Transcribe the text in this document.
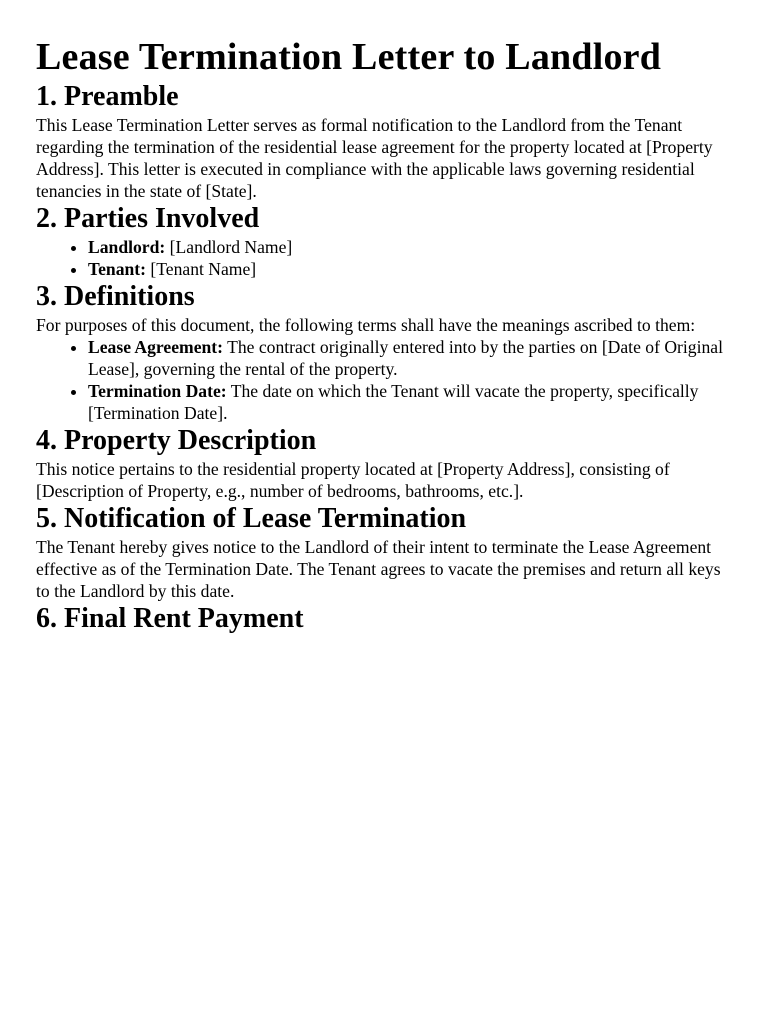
Lease Termination Letter to Landlord
1. Preamble

This Lease Termination Letter serves as formal notification to the Landlord from the Tenant regarding the termination of the residential lease agreement for the property located at [Property Address]. This letter is executed in compliance with the applicable laws governing residential tenancies in the state of [State].

2. Parties Involved
• Landlord: [Landlord Name]
• Tenant: [Tenant Name]
3. Definitions

For purposes of this document, the following terms shall have the meanings ascribed to them:

• Lease Agreement: The contract originally entered into by the parties on [Date of Original Lease], governing the rental of the property.
• Termination Date: The date on which the Tenant will vacate the property, specifically [Termination Date].
4. Property Description

This notice pertains to the residential property located at [Property Address], consisting of [Description of Property, e.g., number of bedrooms, bathrooms, etc.].

5. Notification of Lease Termination

The Tenant hereby gives notice to the Landlord of their intent to terminate the Lease Agreement effective as of the Termination Date. The Tenant agrees to vacate the premises and return all keys to the Landlord by this date.

6. Final Rent Payment
